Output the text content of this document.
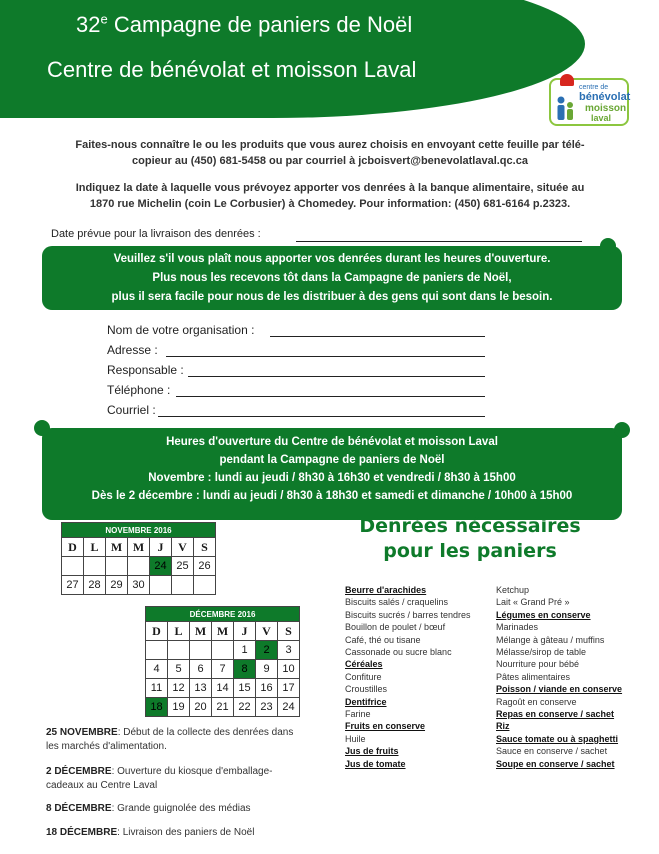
32e Campagne de paniers de Noël
Centre de bénévolat et moisson Laval
centre de
bénévolat
moisson
laval
Faites-nous connaître le ou les produits que vous aurez choisis en envoyant cette feuille par télé-
copieur au (450) 681-5458 ou par courriel à jcboisvert@benevolatlaval.qc.ca
Indiquez la date à laquelle vous prévoyez apporter vos denrées à la banque alimentaire, située au
1870 rue Michelin (coin Le Corbusier) à Chomedey. Pour information: (450) 681-6164 p.2323.
Date prévue pour la livraison des denrées :
Veuillez s'il vous plaît nous apporter vos denrées durant les heures d'ouverture.
Plus nous les recevons tôt dans la Campagne de paniers de Noël,
plus il sera facile pour nous de les distribuer à des gens qui sont dans le besoin.
Nom de votre organisation :
Adresse :
Responsable :
Téléphone :
Courriel :
Heures d'ouverture du Centre de bénévolat et moisson Laval
pendant la Campagne de paniers de Noël
Novembre : lundi au jeudi / 8h30 à 16h30 et vendredi / 8h30 à 15h00
Dès le 2 décembre : lundi au jeudi / 8h30 à 18h30 et samedi et dimanche / 10h00 à 15h00
NOVEMBRE 2016						
D	L	M	M	J	V	S
				24	25	26
27	28	29	30			
DÉCEMBRE 2016						
D	L	M	M	J	V	S
				1	2	3
4	5	6	7	8	9	10
11	12	13	14	15	16	17
18	19	20	21	22	23	24
25 NOVEMBRE: Début de la collecte des denrées dans
les marchés d'alimentation.
2 DÉCEMBRE: Ouverture du kiosque d'emballage-
cadeaux au Centre Laval
8 DÉCEMBRE: Grande guignolée des médias
18 DÉCEMBRE: Livraison des paniers de Noël
Denrées nécessaires
pour les paniers
Beurre d'arachides
Biscuits salés / craquelins
Biscuits sucrés / barres tendres
Bouillon de poulet / bœuf
Café, thé ou tisane
Cassonade ou sucre blanc
Céréales
Confiture
Croustilles
Dentifrice
Farine
Fruits en conserve
Huile
Jus de fruits
Jus de tomate
Ketchup
Lait « Grand Pré »
Légumes en conserve
Marinades
Mélange à gâteau / muffins
Mélasse/sirop de table
Nourriture pour bébé
Pâtes alimentaires
Poisson / viande en conserve
Ragoût en conserve
Repas en conserve / sachet
Riz
Sauce tomate ou à spaghetti
Sauce en conserve / sachet
Soupe en conserve / sachet
